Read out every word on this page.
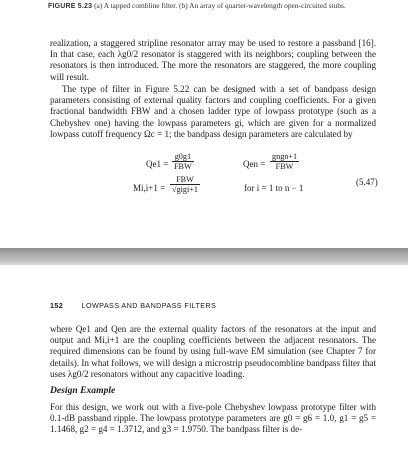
FIGURE 5.23 (a) A tapped combline filter. (b) An array of quarter-wavelength open-circuited stubs.
realization, a staggered stripline resonator array may be used to restore a passband [16]. In that case, each λg0/2 resonator is staggered with its neighbors; coupling between the resonators is then introduced. The more the resonators are staggered, the more coupling will result.
The type of filter in Figure 5.22 can be designed with a set of bandpass design parameters consisting of external quality factors and coupling coefficients. For a given fractional bandwidth FBW and a chosen ladder type of lowpass prototype (such as a Chebyshev one) having the lowpass parameters gi, which are given for a normalized lowpass cutoff frequency Ωc = 1; the bandpass design parameters are calculated by
Qe1 =
g0g1
FBW	Qen =
gngn+1
FBW
Mi,i+1 =
FBW
√gigi+1	for i = 1 to n − 1
(5.47)
152	LOWPASS AND BANDPASS FILTERS
where Qe1 and Qen are the external quality factors of the resonators at the input and output and Mi,i+1 are the coupling coefficients between the adjacent resonators. The required dimensions can be found by using full-wave EM simulation (see Chapter 7 for details). In what follows, we will design a microstrip pseudocombline bandpass filter that uses λg0/2 resonators without any capacitive loading.
Design Example
For this design, we work out with a five-pole Chebyshev lowpass prototype filter with 0.1-dB passband ripple. The lowpass prototype parameters are g0 = g6 = 1.0, g1 = g5 = 1.1468, g2 = g4 = 1.3712, and g3 = 1.9750. The bandpass filter is de-
